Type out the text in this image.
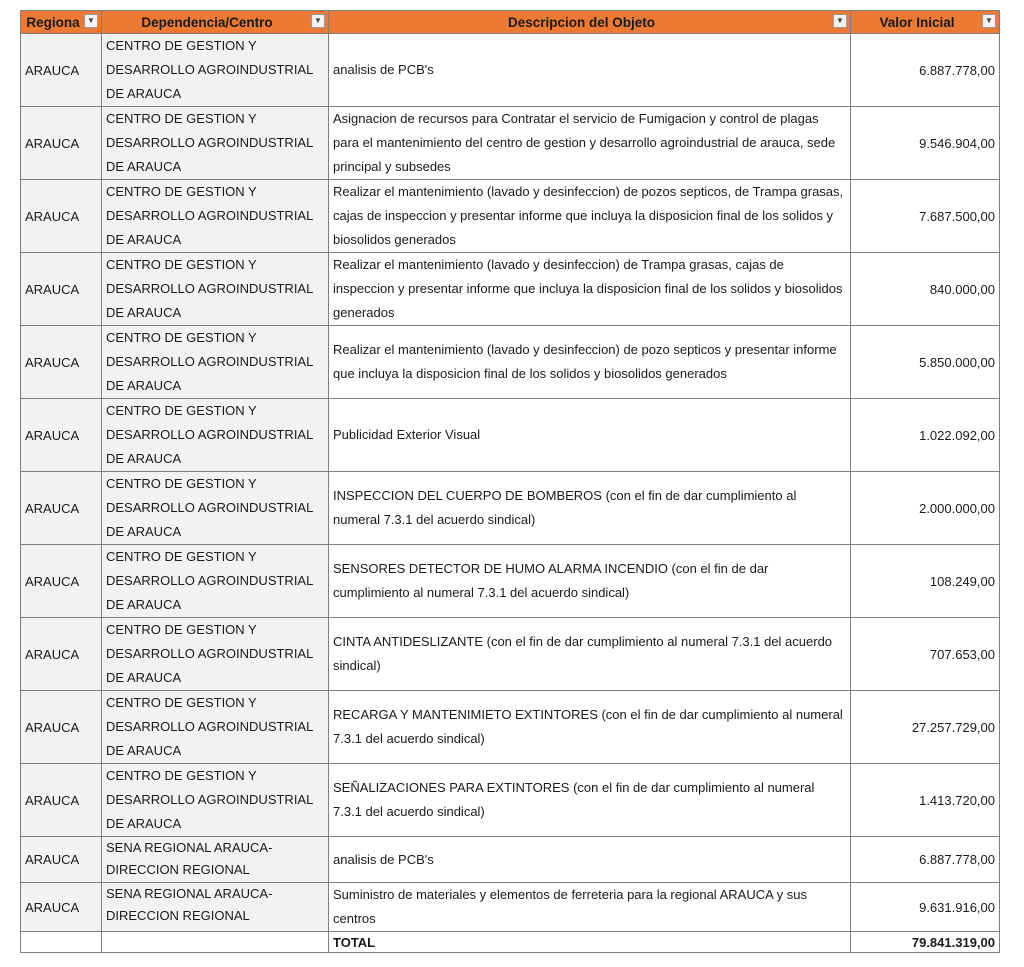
Regiona ▼	Dependencia/Centro ▼	Descripcion del Objeto ▼	Valor Inicial ▼

ARAUCA	CENTRO DE GESTION Y DESARROLLO AGROINDUSTRIAL DE ARAUCA	analisis de PCB's	6.887.778,00
ARAUCA	CENTRO DE GESTION Y DESARROLLO AGROINDUSTRIAL DE ARAUCA	Asignacion de recursos para Contratar el servicio de Fumigacion y control de plagas para el mantenimiento del centro de gestion y desarrollo agroindustrial de arauca, sede principal y subsedes	9.546.904,00
ARAUCA	CENTRO DE GESTION Y DESARROLLO AGROINDUSTRIAL DE ARAUCA	Realizar el mantenimiento (lavado y desinfeccion) de pozos septicos, de Trampa grasas, cajas de inspeccion y presentar informe que incluya la disposicion final de los solidos y biosolidos generados	7.687.500,00
ARAUCA	CENTRO DE GESTION Y DESARROLLO AGROINDUSTRIAL DE ARAUCA	Realizar el mantenimiento (lavado y desinfeccion) de Trampa grasas, cajas de inspeccion y presentar informe que incluya la disposicion final de los solidos y biosolidos generados	840.000,00
ARAUCA	CENTRO DE GESTION Y DESARROLLO AGROINDUSTRIAL DE ARAUCA	Realizar el mantenimiento (lavado y desinfeccion) de pozo septicos y presentar informe que incluya la disposicion final de los solidos y biosolidos generados	5.850.000,00
ARAUCA	CENTRO DE GESTION Y DESARROLLO AGROINDUSTRIAL DE ARAUCA	Publicidad Exterior Visual	1.022.092,00
ARAUCA	CENTRO DE GESTION Y DESARROLLO AGROINDUSTRIAL DE ARAUCA	INSPECCION DEL CUERPO DE BOMBEROS (con el fin de dar cumplimiento al numeral 7.3.1 del acuerdo sindical)	2.000.000,00
ARAUCA	CENTRO DE GESTION Y DESARROLLO AGROINDUSTRIAL DE ARAUCA	SENSORES DETECTOR DE HUMO ALARMA INCENDIO (con el fin de dar cumplimiento al numeral 7.3.1 del acuerdo sindical)	108.249,00
ARAUCA	CENTRO DE GESTION Y DESARROLLO AGROINDUSTRIAL DE ARAUCA	CINTA ANTIDESLIZANTE (con el fin de dar cumplimiento al numeral 7.3.1 del acuerdo sindical)	707.653,00
ARAUCA	CENTRO DE GESTION Y DESARROLLO AGROINDUSTRIAL DE ARAUCA	RECARGA Y MANTENIMIETO EXTINTORES (con el fin de dar cumplimiento al numeral 7.3.1 del acuerdo sindical)	27.257.729,00
ARAUCA	CENTRO DE GESTION Y DESARROLLO AGROINDUSTRIAL DE ARAUCA	SEÑALIZACIONES PARA EXTINTORES (con el fin de dar cumplimiento al numeral 7.3.1 del acuerdo sindical)	1.413.720,00
ARAUCA	SENA REGIONAL ARAUCA- DIRECCION REGIONAL	analisis de PCB's	6.887.778,00
ARAUCA	SENA REGIONAL ARAUCA- DIRECCION REGIONAL	Suministro de materiales y elementos de ferreteria para la regional ARAUCA y sus centros	9.631.916,00
		TOTAL	79.841.319,00
